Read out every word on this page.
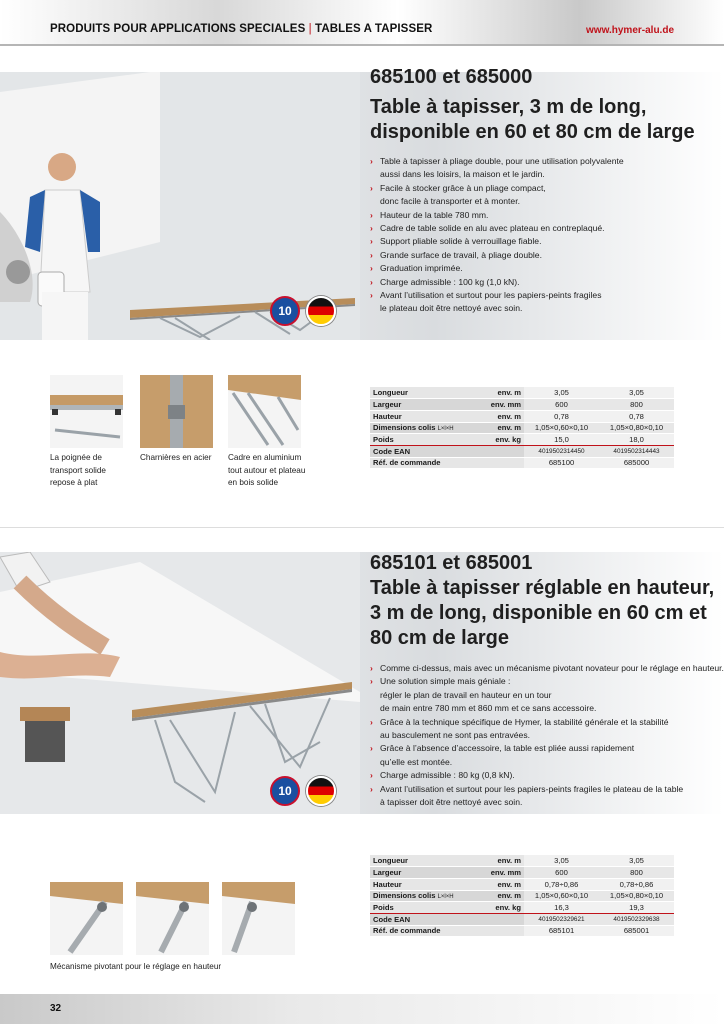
PRODUITS POUR APPLICATIONS SPECIALES | TABLES A TAPISSER	www.hymer-alu.de
10
685100 et 685000
Table à tapisser, 3 m de long,
disponible en 60 et 80 cm de large
› Table à tapisser à pliage double, pour une utilisation polyvalente
aussi dans les loisirs, la maison et le jardin.
› Facile à stocker grâce à un pliage compact,
donc facile à transporter et à monter.
› Hauteur de la table 780 mm.
› Cadre de table solide en alu avec plateau en contreplaqué.
› Support pliable solide à verrouillage fiable.
› Grande surface de travail, à pliage double.
› Graduation imprimée.
› Charge admissible : 100 kg (1,0 kN).
› Avant l’utilisation et surtout pour les papiers-peints fragiles
le plateau doit être nettoyé avec soin.
La poignée de
transport solide
repose à plat
Charnières en acier Cadre en aluminium
tout autour et plateau
en bois solide
Longueur	env. m	3,05	3,05
Largeur	env. mm	600	800
Hauteur	env. m	0,78	0,78
Dimensions colis L×l×H	env. m	1,05×0,60×0,10	1,05×0,80×0,10
Poids	env. kg	15,0	18,0
Code EAN		4019502314450	4019502314443
Réf. de commande		685100	685000
10
685101 et 685001
Table à tapisser réglable en hauteur,
3 m de long, disponible en 60 cm et
80 cm de large
› Comme ci-dessus, mais avec un mécanisme pivotant novateur pour le réglage en hauteur.
› Une solution simple mais géniale :
régler le plan de travail en hauteur en un tour
de main entre 780 mm et 860 mm et ce sans accessoire.
› Grâce à la technique spécifique de Hymer, la stabilité générale et la stabilité
au basculement ne sont pas entravées.
› Grâce à l’absence d’accessoire, la table est pliée aussi rapidement
qu’elle est montée.
› Charge admissible : 80 kg (0,8 kN).
› Avant l’utilisation et surtout pour les papiers-peints fragiles le plateau de la table
à tapisser doit être nettoyé avec soin.
Mécanisme pivotant pour le réglage en hauteur
Longueur	env. m	3,05	3,05
Largeur	env. mm	600	800
Hauteur	env. m	0,78÷0,86	0,78÷0,86
Dimensions colis L×l×H	env. m	1,05×0,60×0,10	1,05×0,80×0,10
Poids	env. kg	16,3	19,3
Code EAN		4019502329621	4019502329638
Réf. de commande		685101	685001
32
